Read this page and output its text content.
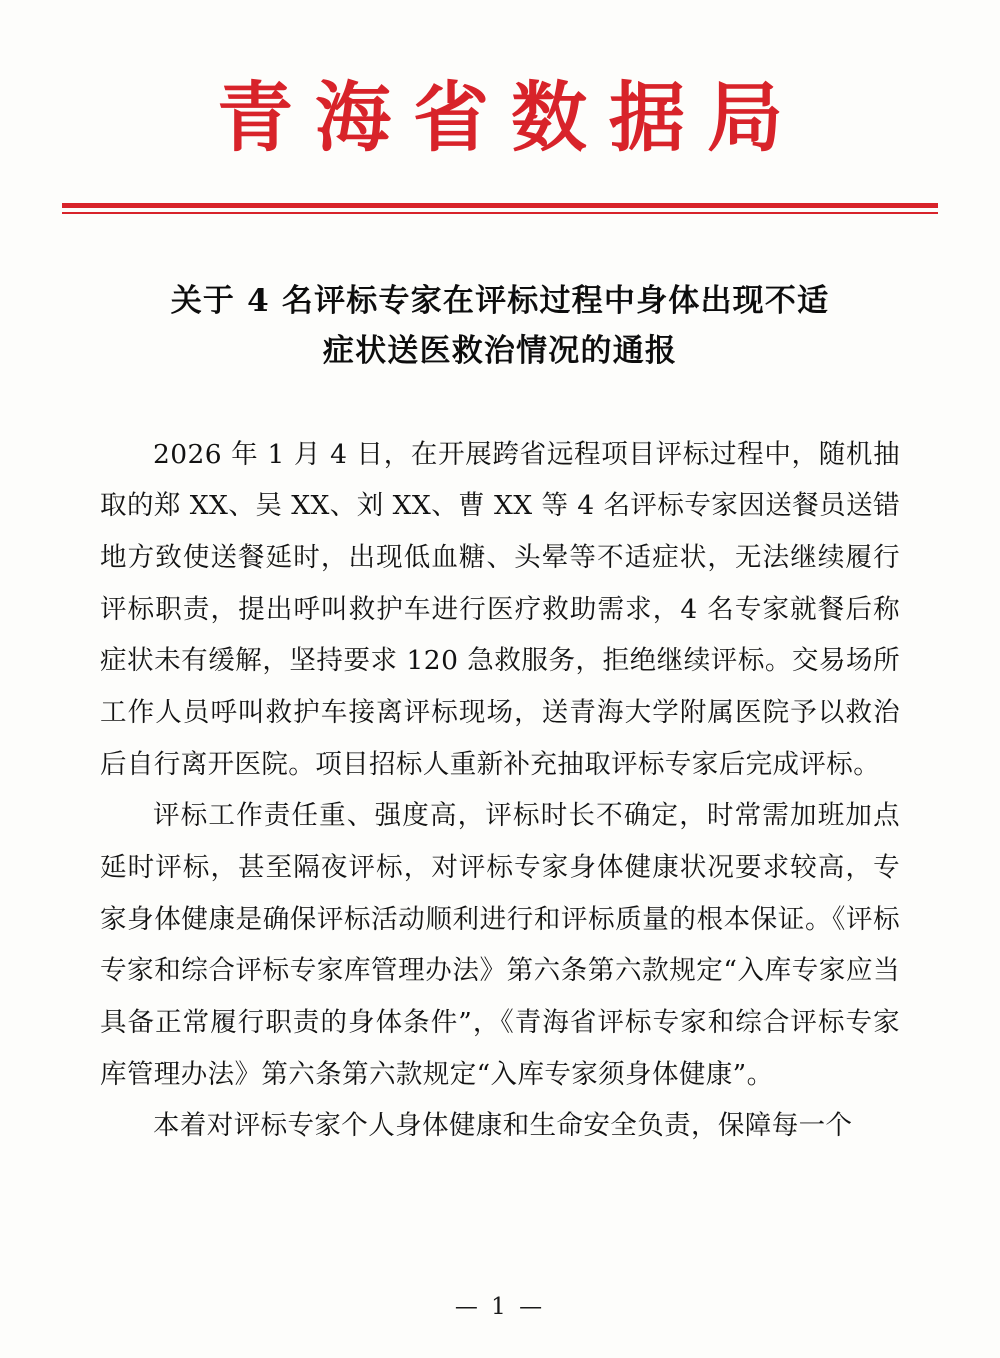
青海省数据局
关于 4 名评标专家在评标过程中身体出现不适
症状送医救治情况的通报

2026 年 1 月 4 日，在开展跨省远程项目评标过程中，随机抽取的郑 XX、吴 XX、刘 XX、曹 XX 等 4 名评标专家因送餐员送错地方致使送餐延时，出现低血糖、头晕等不适症状，无法继续履行评标职责，提出呼叫救护车进行医疗救助需求，4 名专家就餐后称症状未有缓解，坚持要求 120 急救服务，拒绝继续评标。交易场所工作人员呼叫救护车接离评标现场，送青海大学附属医院予以救治后自行离开医院。项目招标人重新补充抽取评标专家后完成评标。

评标工作责任重、强度高，评标时长不确定，时常需加班加点延时评标，甚至隔夜评标，对评标专家身体健康状况要求较高，专家身体健康是确保评标活动顺利进行和评标质量的根本保证。《评标专家和综合评标专家库管理办法》第六条第六款规定“入库专家应当具备正常履行职责的身体条件”，《青海省评标专家和综合评标专家库管理办法》第六条第六款规定“入库专家须身体健康”。

本着对评标专家个人身体健康和生命安全负责，保障每一个

— 1 —
